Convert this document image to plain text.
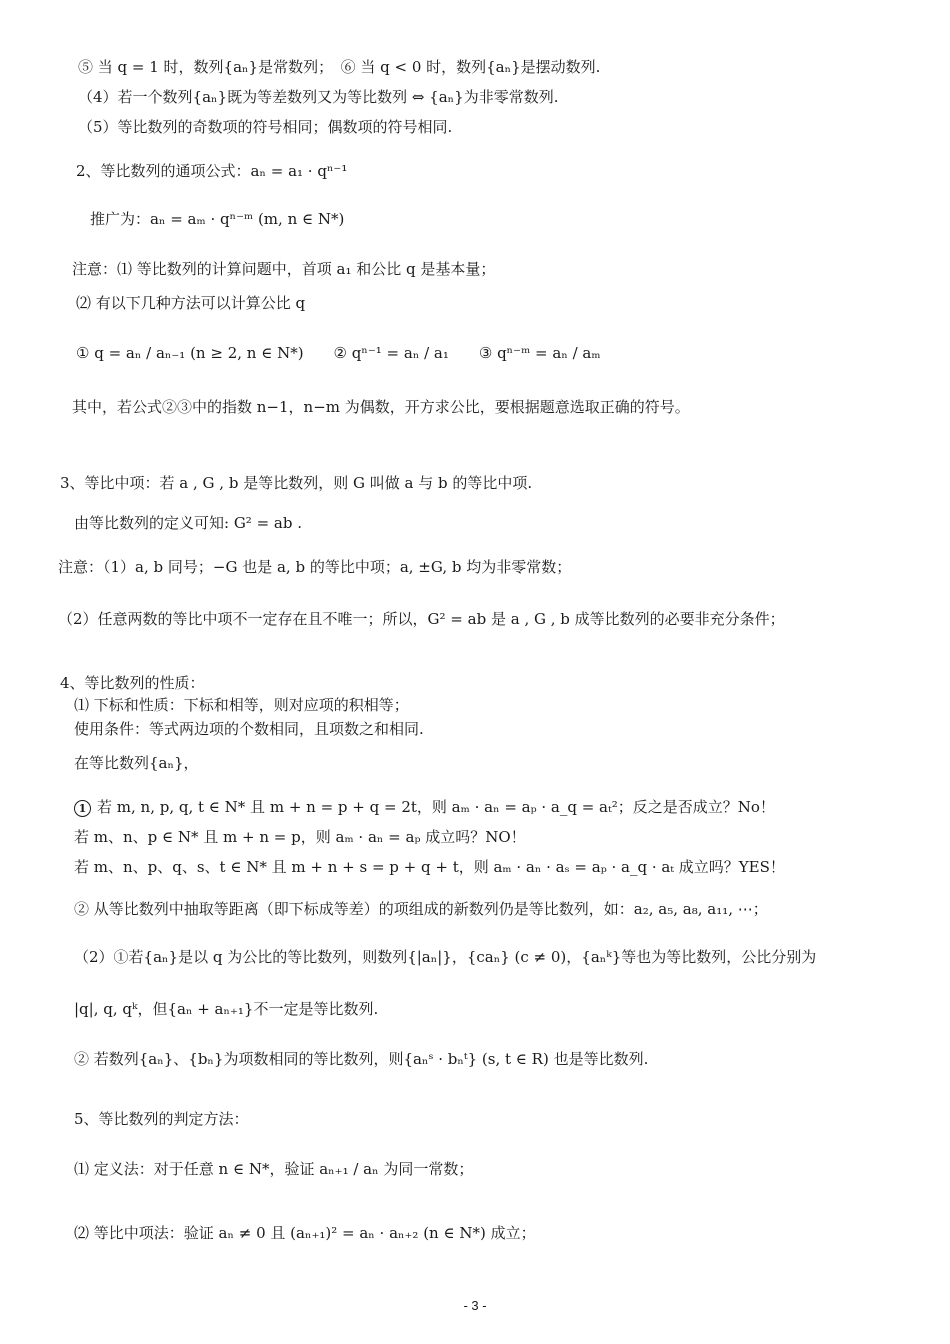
⑤ 当 q = 1 时，数列{aₙ}是常数列；　⑥ 当 q < 0 时，数列{aₙ}是摆动数列.
（4）若一个数列{aₙ}既为等差数列又为等比数列 ⇔ {aₙ}为非零常数列.
（5）等比数列的奇数项的符号相同；偶数项的符号相同.
2、等比数列的通项公式：aₙ = a₁ · qⁿ⁻¹
推广为：aₙ = aₘ · qⁿ⁻ᵐ (m, n ∈ N*)
注意：⑴ 等比数列的计算问题中，首项 a₁ 和公比 q 是基本量；
⑵ 有以下几种方法可以计算公比 q
① q = aₙ / aₙ₋₁ (n ≥ 2, n ∈ N*)　　② qⁿ⁻¹ = aₙ / a₁　　③ qⁿ⁻ᵐ = aₙ / aₘ
其中，若公式②③中的指数 n−1，n−m 为偶数，开方求公比，要根据题意选取正确的符号。
3、等比中项：若 a , G , b 是等比数列，则 G 叫做 a 与 b 的等比中项.
由等比数列的定义可知: G² = ab .
注意：（1）a, b 同号；−G 也是 a, b 的等比中项；a, ±G, b 均为非零常数；
（2）任意两数的等比中项不一定存在且不唯一；所以，G² = ab 是 a , G , b 成等比数列的必要非充分条件；
4、等比数列的性质：
⑴ 下标和性质：下标和相等，则对应项的积相等；
使用条件：等式两边项的个数相同，且项数之和相同.
在等比数列{aₙ}，
1 若 m, n, p, q, t ∈ N* 且 m + n = p + q = 2t，则 aₘ · aₙ = aₚ · a_q = aₜ²；反之是否成立？No！
若 m、n、p ∈ N* 且 m + n = p，则 aₘ · aₙ = aₚ 成立吗？NO！
若 m、n、p、q、s、t ∈ N* 且 m + n + s = p + q + t，则 aₘ · aₙ · aₛ = aₚ · a_q · aₜ 成立吗？YES！
② 从等比数列中抽取等距离（即下标成等差）的项组成的新数列仍是等比数列，如：a₂, a₅, a₈, a₁₁, ⋯；
（2）①若{aₙ}是以 q 为公比的等比数列，则数列{|aₙ|}，{caₙ} (c ≠ 0)，{aₙᵏ}等也为等比数列，公比分别为
|q|, q, qᵏ，但{aₙ + aₙ₊₁}不一定是等比数列.
② 若数列{aₙ}、{bₙ}为项数相同的等比数列，则{aₙˢ · bₙᵗ} (s, t ∈ R) 也是等比数列.
5、等比数列的判定方法：
⑴ 定义法：对于任意 n ∈ N*，验证 aₙ₊₁ / aₙ 为同一常数；
⑵ 等比中项法：验证 aₙ ≠ 0 且 (aₙ₊₁)² = aₙ · aₙ₊₂ (n ∈ N*) 成立；
- 3 -
